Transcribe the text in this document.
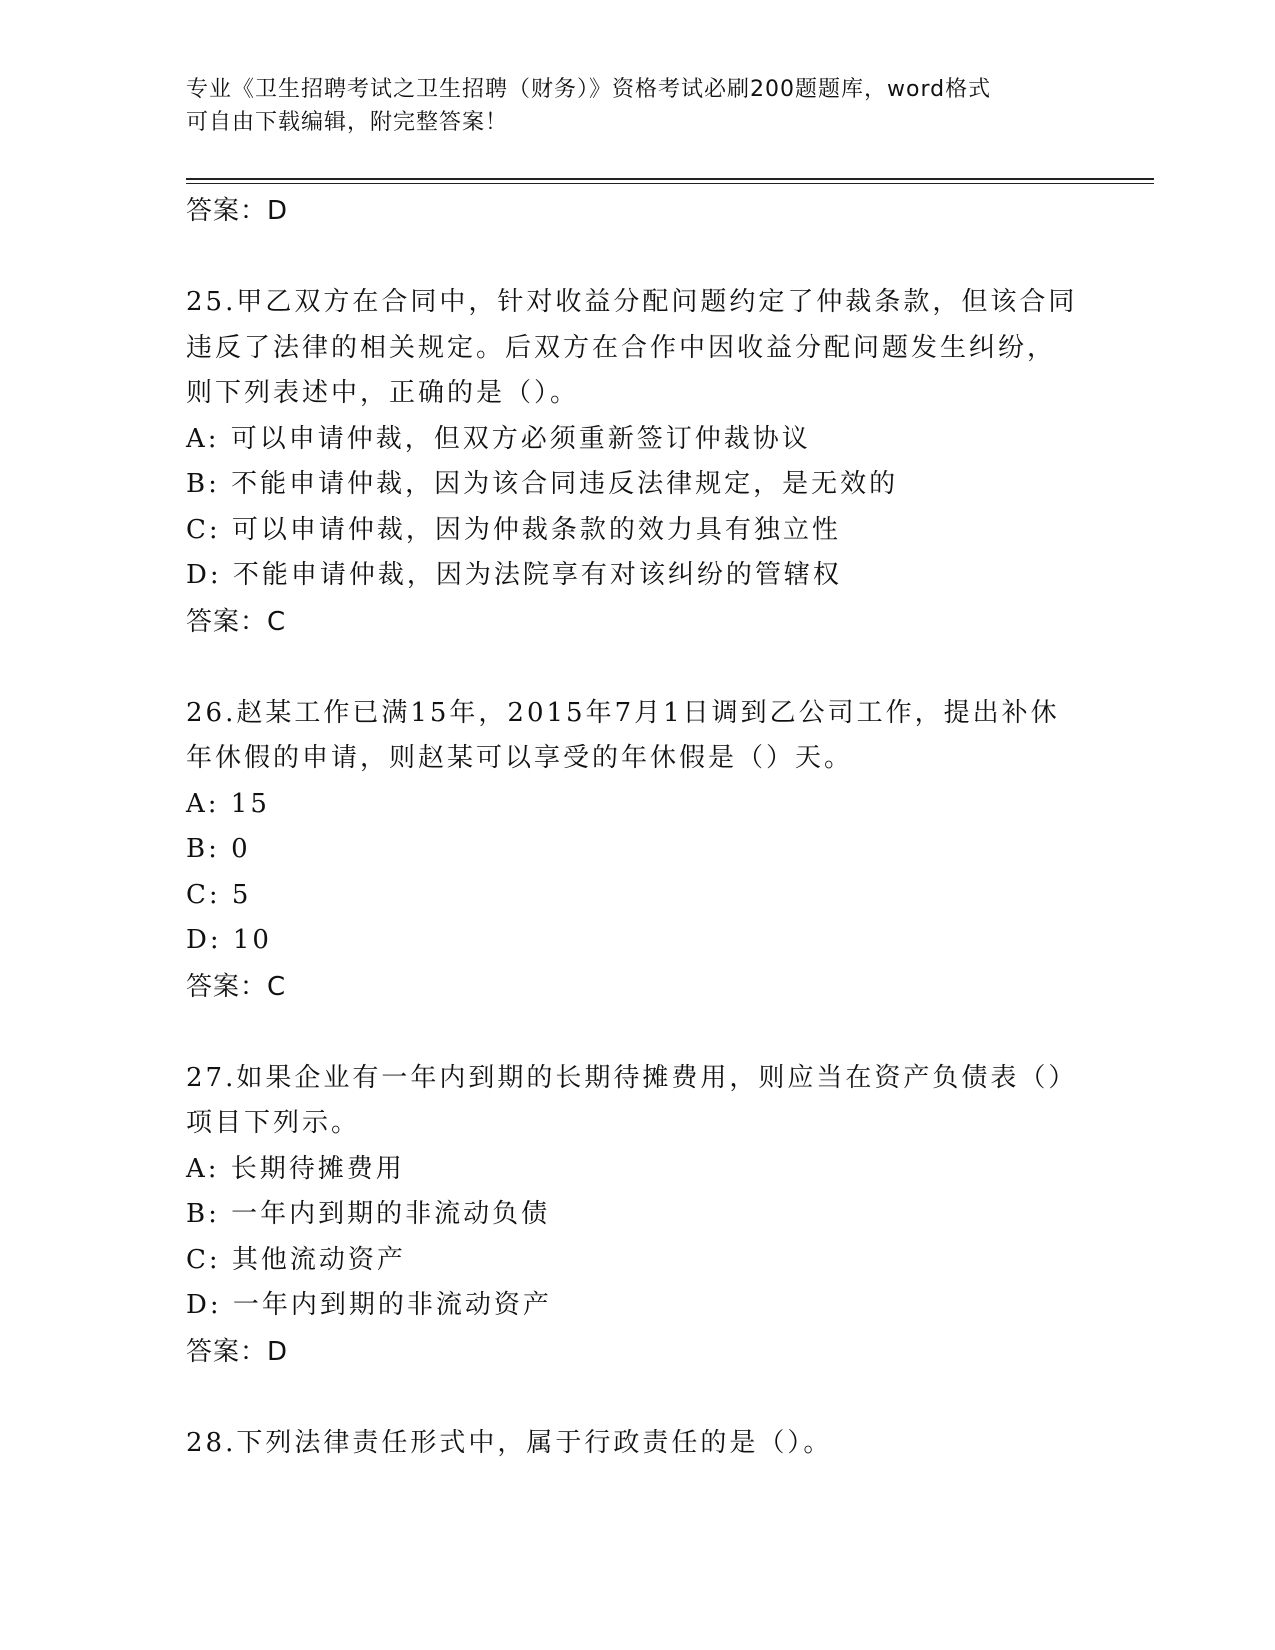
专业《卫生招聘考试之卫生招聘（财务）》资格考试必刷200题题库，word格式
可自由下载编辑，附完整答案！
答案：D
25.甲乙双方在合同中，针对收益分配问题约定了仲裁条款，但该合同
违反了法律的相关规定。后双方在合作中因收益分配问题发生纠纷，
则下列表述中，正确的是（）。
A: 可以申请仲裁，但双方必须重新签订仲裁协议
B: 不能申请仲裁，因为该合同违反法律规定，是无效的
C: 可以申请仲裁，因为仲裁条款的效力具有独立性
D: 不能申请仲裁，因为法院享有对该纠纷的管辖权
答案：C
26.赵某工作已满15年，2015年7月1日调到乙公司工作，提出补休
年休假的申请，则赵某可以享受的年休假是（）天。
A: 15
B: 0
C: 5
D: 10
答案：C
27.如果企业有一年内到期的长期待摊费用，则应当在资产负债表（）
项目下列示。
A: 长期待摊费用
B: 一年内到期的非流动负债
C: 其他流动资产
D: 一年内到期的非流动资产
答案：D
28.下列法律责任形式中，属于行政责任的是（）。
